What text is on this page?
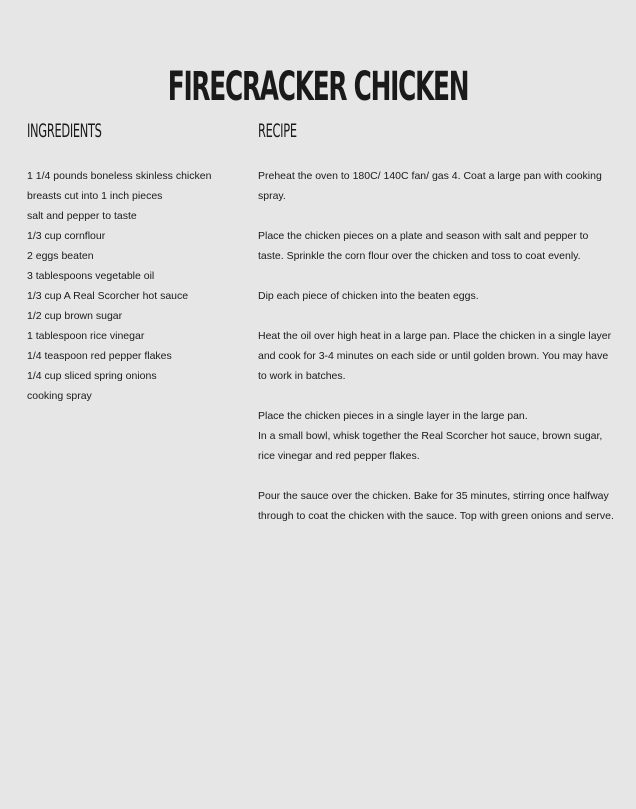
FIRECRACKER CHICKEN
INGREDIENTS
1 1/4 pounds boneless skinless chicken breasts cut into 1 inch pieces
salt and pepper to taste
1/3 cup cornflour
2 eggs beaten
3 tablespoons vegetable oil
1/3 cup A Real Scorcher hot sauce
1/2 cup brown sugar
1 tablespoon rice vinegar
1/4 teaspoon red pepper flakes
1/4 cup sliced spring onions
cooking spray
RECIPE

Preheat the oven to 180C/ 140C fan/ gas 4. Coat a large pan with cooking spray.

Place the chicken pieces on a plate and season with salt and pepper to taste. Sprinkle the corn flour over the chicken and toss to coat evenly.

Dip each piece of chicken into the beaten eggs.

Heat the oil over high heat in a large pan. Place the chicken in a single layer and cook for 3-4 minutes on each side or until golden brown. You may have to work in batches.

Place the chicken pieces in a single layer in the large pan.

In a small bowl, whisk together the Real Scorcher hot sauce, brown sugar, rice vinegar and red pepper flakes.

Pour the sauce over the chicken. Bake for 35 minutes, stirring once halfway through to coat the chicken with the sauce. Top with green onions and serve.
